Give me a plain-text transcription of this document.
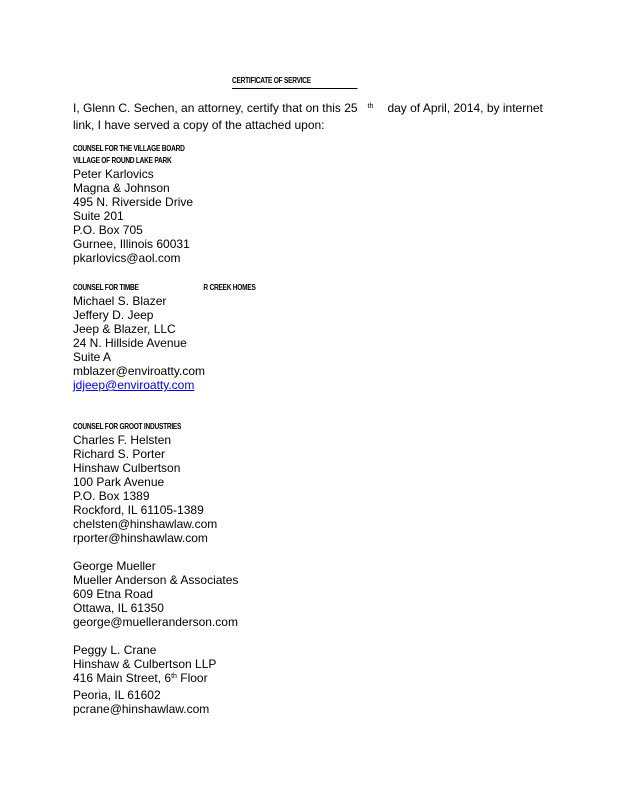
CERTIFICATE OF SERVICE
I, Glenn C. Sechen, an attorney, certify that on this 25 $^{th}$ day of April, 2014, by internet
link, I have served a copy of the attached upon:
COUNSEL FOR THE VILLAGE BOARD
VILLAGE OF ROUND LAKE PARK
Peter Karlovics
Magna & Johnson
495 N. Riverside Drive
Suite 201
P.O. Box 705
Gurnee, Illinois 60031
pkarlovics@aol.com
COUNSEL FOR TIMBE	R CREEK HOMES
Michael S. Blazer
Jeffery D. Jeep
Jeep & Blazer, LLC
24 N. Hillside Avenue
Suite A
mblazer@enviroatty.com
jdjeep@enviroatty.com
COUNSEL FOR GROOT INDUSTRIES
Charles F. Helsten
Richard S. Porter
Hinshaw Culbertson
100 Park Avenue
P.O. Box 1389
Rockford, IL 61105-1389
chelsten@hinshawlaw.com
rporter@hinshawlaw.com
George Mueller
Mueller Anderson & Associates
609 Etna Road
Ottawa, IL 61350
george@muelleranderson.com
Peggy L. Crane
Hinshaw & Culbertson LLP
416 Main Street, 6th Floor
Peoria, IL 61602
pcrane@hinshawlaw.com
